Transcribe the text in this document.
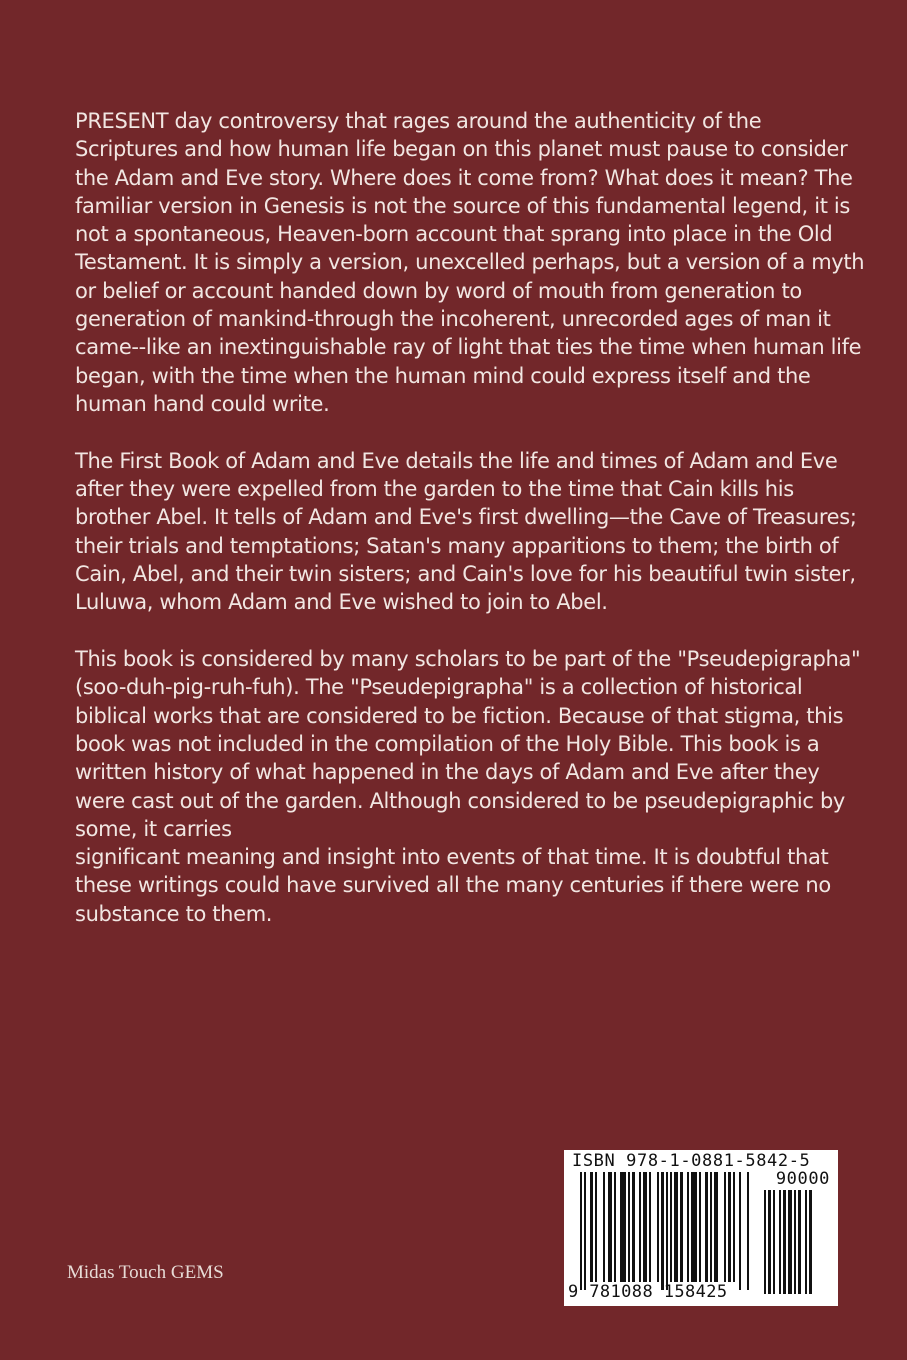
PRESENT day controversy that rages around the authenticity of the Scriptures and how human life began on this planet must pause to consider the Adam and Eve story. Where does it come from? What does it mean? The familiar version in Genesis is not the source of this fundamental legend, it is not a spontaneous, Heaven-born account that sprang into place in the Old Testament. It is simply a version, unexcelled perhaps, but a version of a myth or belief or account handed down by word of mouth from generation to generation of mankind-through the incoherent, unrecorded ages of man it came--like an inextinguishable ray of light that ties the time when human life began, with the time when the human mind could express itself and the human hand could write.

The First Book of Adam and Eve details the life and times of Adam and Eve after they were expelled from the garden to the time that Cain kills his brother Abel. It tells of Adam and Eve's first dwelling—the Cave of Treasures; their trials and temptations; Satan's many apparitions to them; the birth of Cain, Abel, and their twin sisters; and Cain's love for his beautiful twin sister, Luluwa, whom Adam and Eve wished to join to Abel.

This book is considered by many scholars to be part of the "Pseudepigrapha" (soo-duh-pig-ruh-fuh). The "Pseudepigrapha" is a collection of historical biblical works that are considered to be fiction. Because of that stigma, this book was not included in the compilation of the Holy Bible. This book is a written history of what happened in the days of Adam and Eve after they were cast out of the garden. Although considered to be pseudepigraphic by some, it carries
significant meaning and insight into events of that time. It is doubtful that these writings could have survived all the many centuries if there were no substance to them.

Midas Touch GEMS
ISBN 978-1-0881-5842-5
90000
9 781088 158425
